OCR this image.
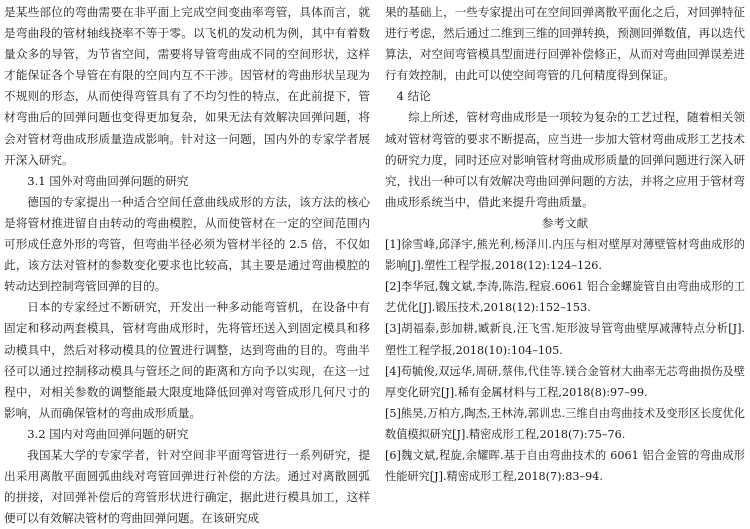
是某些部位的弯曲需要在非平面上完成空间变曲率弯管，具体而言，就是弯曲段的管材轴线挠率不等于零。以飞机的发动机为例，其中有着数量众多的导管，为节省空间，需要将导管弯曲成不同的空间形状，这样才能保证各个导管在有限的空间内互不干涉。因管材的弯曲形状呈现为不规则的形态，从而使得弯管具有了不均匀性的特点，在此前提下，管材弯曲后的回弹问题也变得更加复杂，如果无法有效解决回弹问题，将会对管材弯曲成形质量造成影响。针对这一问题，国内外的专家学者展开深入研究。

3.1 国外对弯曲回弹问题的研究

德国的专家提出一种适合空间任意曲线成形的方法，该方法的核心是将管材推进留自由转动的弯曲模腔，从而使管材在一定的空间范围内可形成任意外形的弯管，但弯曲半径必须为管材半径的 2.5 倍，不仅如此，该方法对管材的参数变化要求也比较高，其主要是通过弯曲模腔的转动达到控制弯管回弹的目的。

日本的专家经过不断研究，开发出一种多动能弯管机，在设备中有固定和移动两套模具，管材弯曲成形时，先将管坯送入到固定模具和移动模具中，然后对移动模具的位置进行调整，达到弯曲的目的。弯曲半径可以通过控制移动模具与管坯之间的距离和方向予以实现，在这一过程中，对相关参数的调整能最大限度地降低回弹对弯管成形几何尺寸的影响，从而确保管材的弯曲成形质量。

3.2 国内对弯曲回弹问题的研究

我国某大学的专家学者，针对空间非平面弯管进行一系列研究，提出采用离散平面圆弧曲线对弯管回弹进行补偿的方法。通过对离散圆弧的拼接，对回弹补偿后的弯管形状进行确定，据此进行模具加工，这样便可以有效解决管材的弯曲回弹问题。在该研究成

果的基础上，一些专家提出可在空间回弹离散平面化之后，对回弹特征进行考虑，然后通过二维到三维的回弹转换，预测回弹数值，再以迭代算法，对空间弯管模具型面进行回弹补偿修正，从而对弯曲回弹误差进行有效控制，由此可以使空间弯管的几何精度得到保证。

4 结论

综上所述，管材弯曲成形是一项较为复杂的工艺过程，随着相关领域对管材弯管的要求不断提高，应当进一步加大管材弯曲成形工艺技术的研究力度，同时还应对影响管材弯曲成形质量的回弹问题进行深入研究，找出一种可以有效解决弯曲回弹问题的方法，并将之应用于管材弯曲成形系统当中，借此来提升弯曲质量。

参考文献

[1]徐雪峰,邱泽宇,熊光利,杨泽川.内压与相对壁厚对薄壁管材弯曲成形的影响[J].塑性工程学报,2018(12):124–126.

[2]李华冠,魏文斌,李涛,陈浩,程宸.6061 铝合金螺旋管自由弯曲成形的工艺优化[J].锻压技术,2018(12):152–153.

[3]胡福泰,彭加耕,臧新良,汪飞雪.矩形波导管弯曲壁厚减薄特点分析[J].塑性工程学报,2018(10):104–105.

[4]苟毓俊,双远华,周研,蔡伟,代佳等.镁合金管材大曲率无芯弯曲损伤及壁厚变化研究[J].稀有金属材料与工程,2018(8):97–99.

[5]熊昊,万柏方,陶杰,王林涛,郭训忠.三维自由弯曲技术及变形区长度优化数值模拟研究[J].精密成形工程,2018(7):75–76.

[6]魏文斌,程旋,余耀晖.基于自由弯曲技术的 6061 铝合金管的弯曲成形性能研究[J].精密成形工程,2018(7):83–94.
